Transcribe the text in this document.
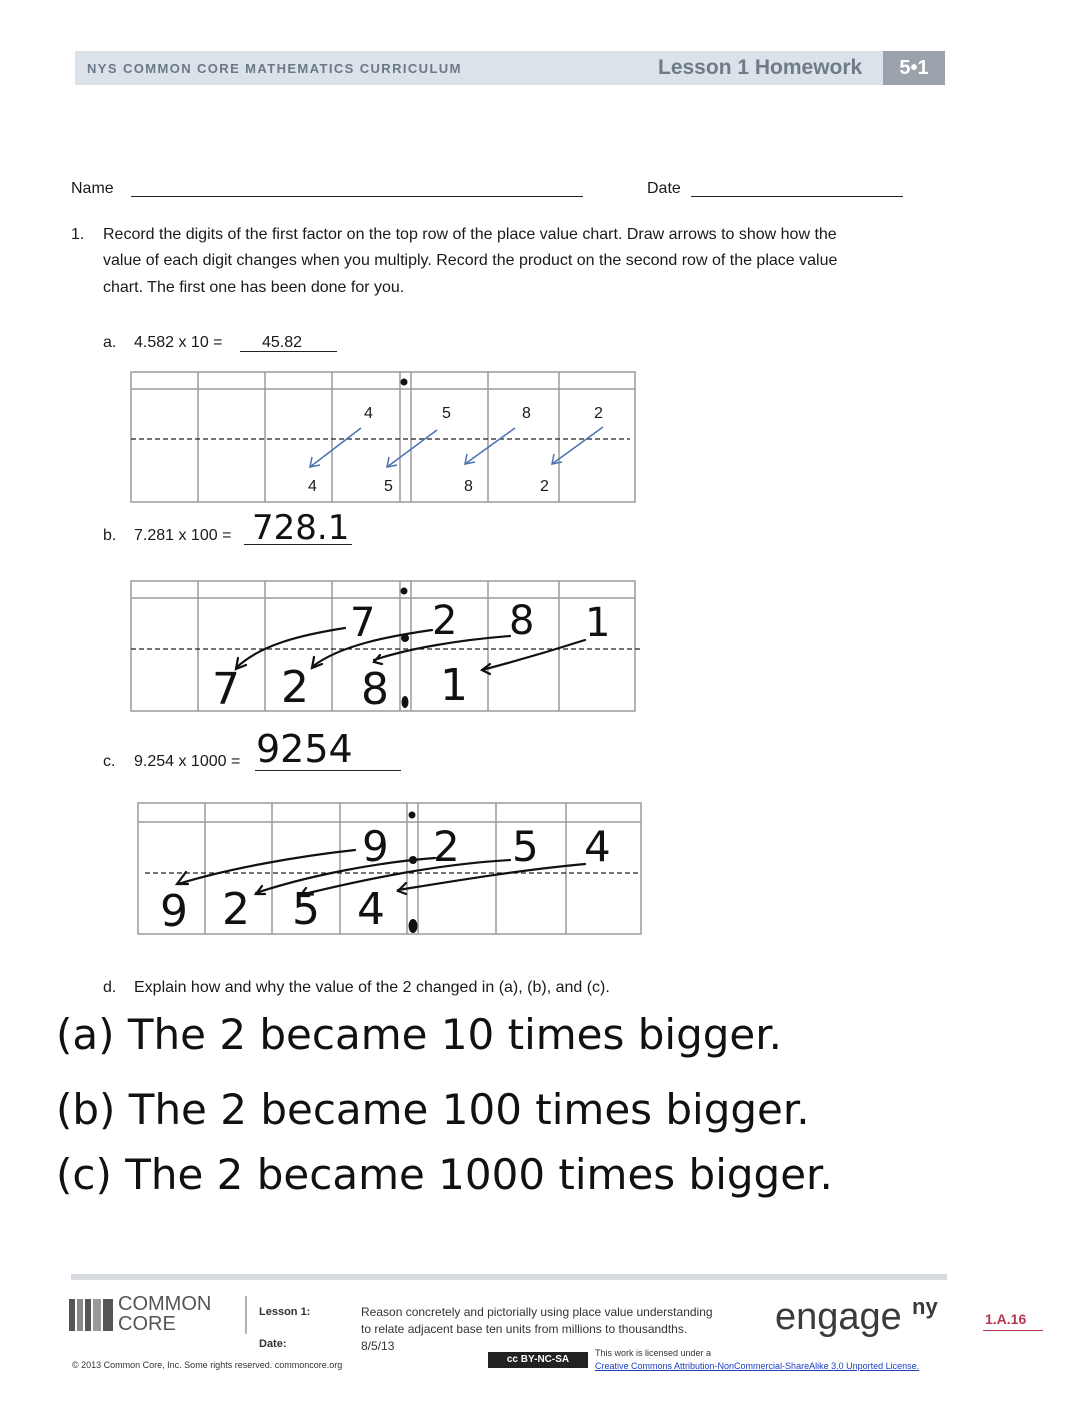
NYS COMMON CORE MATHEMATICS CURRICULUM	Lesson 1 Homework	5•1
Name	Date
1. Record the digits of the first factor on the top row of the place value chart. Draw arrows to show how the
value of each digit changes when you multiply. Record the product on the second row of the place value
chart. The first one has been done for you.
a. 4.582 x 10 = 45.82
4	5	8	2
4	5	8	2
b. 7.281 x 100 = 728.1
7 2 8 1
7 2 8 1
c. 9.254 x 1000 = 9254
9 2 5 4
9 2 5 4
d. Explain how and why the value of the 2 changed in (a), (b), and (c).
(a) The 2 became 10 times bigger.
(b) The 2 became 100 times bigger.
(c) The 2 became 1000 times bigger.
COMMON
CORE
Lesson 1:
Date:
Reason concretely and pictorially using place value understanding
to relate adjacent base ten units from millions to thousandths.
8/5/13
engage ny	1.A.16
© 2013 Common Core, Inc. Some rights reserved. commoncore.org	cc BY-NC-SA
This work is licensed under a
Creative Commons Attribution-NonCommercial-ShareAlike 3.0 Unported License.
